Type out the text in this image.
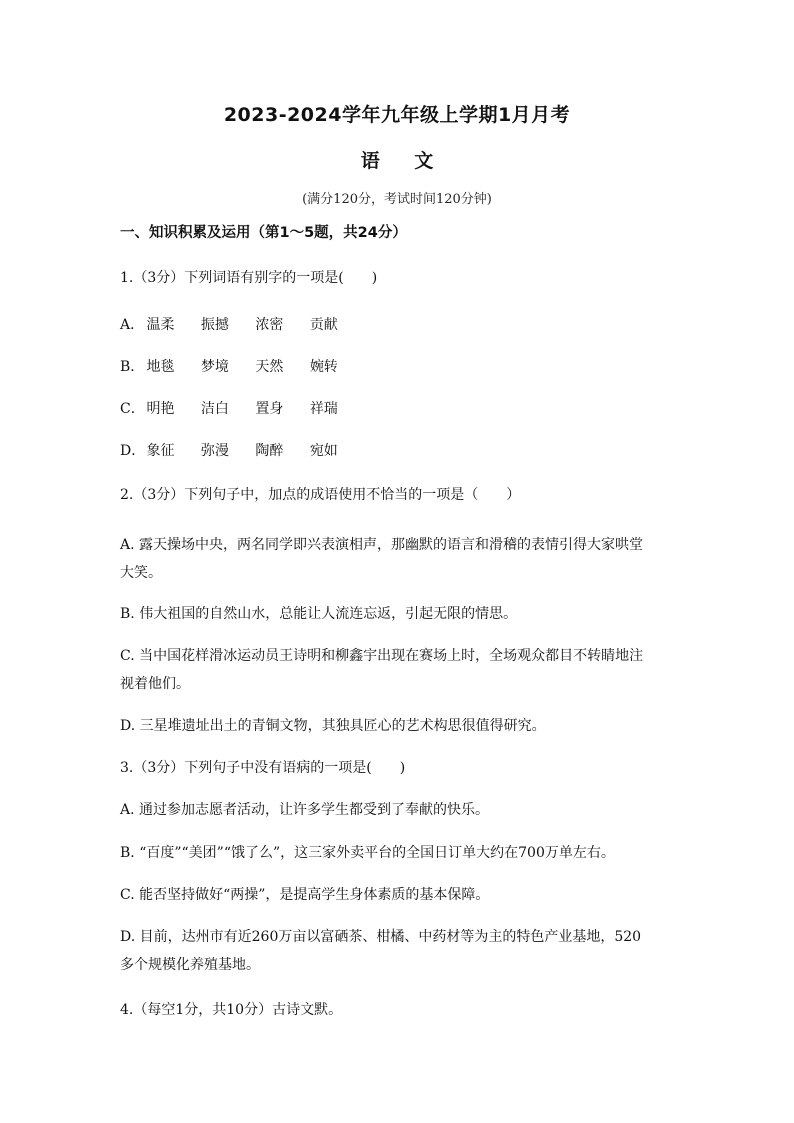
2023-2024学年九年级上学期1月月考
语 文
(满分120分，考试时间120分钟)
一、知识积累及运用（第1～5题，共24分）
1.（3分）下列词语有别字的一项是(　　)
A． 温柔 振撼 浓密 贡献
B． 地毯 梦境 天然 婉转
C． 明艳 洁白 置身 祥瑞
D． 象征 弥漫 陶醉 宛如
2.（3分）下列句子中，加点的成语使用不恰当的一项是（　　）
A. 露天操场中央，两名同学即兴表演相声，那幽默的语言和滑稽的表情引得大家哄堂
大笑。
B. 伟大祖国的自然山水，总能让人流连忘返，引起无限的情思。
C. 当中国花样滑冰运动员王诗明和柳鑫宇出现在赛场上时，全场观众都目不转睛地注
视着他们。
D. 三星堆遗址出土的青铜文物，其独具匠心的艺术构思很值得研究。
3.（3分）下列句子中没有语病的一项是(　　)
A. 通过参加志愿者活动，让许多学生都受到了奉献的快乐。
B. “百度”“美团”“饿了么”，这三家外卖平台的全国日订单大约在700万单左右。
C. 能否坚持做好“两操”，是提高学生身体素质的基本保障。
D. 目前，达州市有近260万亩以富硒茶、柑橘、中药材等为主的特色产业基地，520
多个规模化养殖基地。
4.（每空1分，共10分）古诗文默。
